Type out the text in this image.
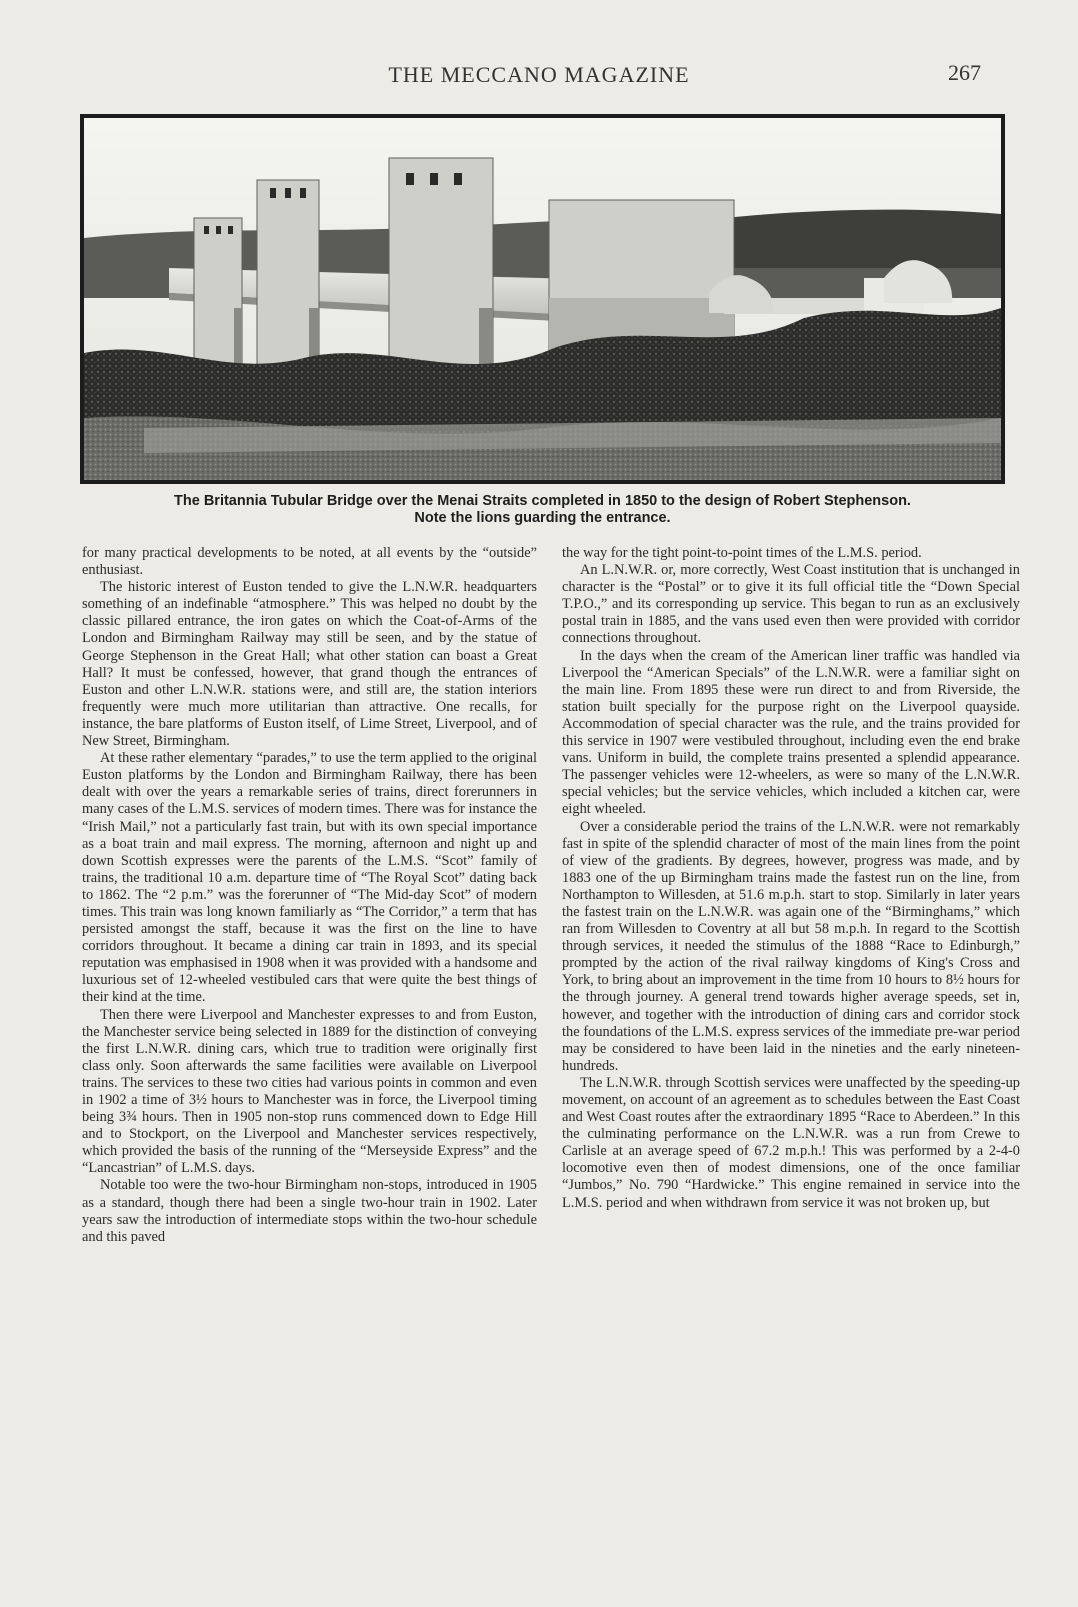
THE MECCANO MAGAZINE	267
The Britannia Tubular Bridge over the Menai Straits completed in 1850 to the design of Robert Stephenson.
Note the lions guarding the entrance.

for many practical developments to be noted, at all events by the “outside” enthusiast.

The historic interest of Euston tended to give the L.N.W.R. headquarters something of an indefinable “atmosphere.” This was helped no doubt by the classic pillared entrance, the iron gates on which the Coat-of-Arms of the London and Birmingham Railway may still be seen, and by the statue of George Stephenson in the Great Hall; what other station can boast a Great Hall? It must be confessed, however, that grand though the entrances of Euston and other L.N.W.R. stations were, and still are, the station interiors frequently were much more utilitarian than attractive. One recalls, for instance, the bare platforms of Euston itself, of Lime Street, Liverpool, and of New Street, Birmingham.

At these rather elementary “parades,” to use the term applied to the original Euston platforms by the London and Birmingham Railway, there has been dealt with over the years a remarkable series of trains, direct forerunners in many cases of the L.M.S. services of modern times. There was for instance the “Irish Mail,” not a particularly fast train, but with its own special importance as a boat train and mail express. The morning, afternoon and night up and down Scottish expresses were the parents of the L.M.S. “Scot” family of trains, the traditional 10 a.m. departure time of “The Royal Scot” dating back to 1862. The “2 p.m.” was the forerunner of “The Mid-day Scot” of modern times. This train was long known familiarly as “The Corridor,” a term that has persisted amongst the staff, because it was the first on the line to have corridors throughout. It became a dining car train in 1893, and its special reputation was emphasised in 1908 when it was provided with a handsome and luxurious set of 12-wheeled vestibuled cars that were quite the best things of their kind at the time.

Then there were Liverpool and Manchester expresses to and from Euston, the Manchester service being selected in 1889 for the distinction of conveying the first L.N.W.R. dining cars, which true to tradition were originally first class only. Soon afterwards the same facilities were available on Liverpool trains. The services to these two cities had various points in common and even in 1902 a time of 3½ hours to Manchester was in force, the Liverpool timing being 3¾ hours. Then in 1905 non-stop runs commenced down to Edge Hill and to Stockport, on the Liverpool and Manchester services respectively, which provided the basis of the running of the “Merseyside Express” and the “Lancastrian” of L.M.S. days.

Notable too were the two-hour Birmingham non-stops, introduced in 1905 as a standard, though there had been a single two-hour train in 1902. Later years saw the introduction of intermediate stops within the two-hour schedule and this paved

the way for the tight point-to-point times of the L.M.S. period.

An L.N.W.R. or, more correctly, West Coast institution that is unchanged in character is the “Postal” or to give it its full official title the “Down Special T.P.O.,” and its corresponding up service. This began to run as an exclusively postal train in 1885, and the vans used even then were provided with corridor connections throughout.

In the days when the cream of the American liner traffic was handled via Liverpool the “American Specials” of the L.N.W.R. were a familiar sight on the main line. From 1895 these were run direct to and from Riverside, the station built specially for the purpose right on the Liverpool quayside. Accommodation of special character was the rule, and the trains provided for this service in 1907 were vestibuled throughout, including even the end brake vans. Uniform in build, the complete trains presented a splendid appearance. The passenger vehicles were 12-wheelers, as were so many of the L.N.W.R. special vehicles; but the service vehicles, which included a kitchen car, were eight wheeled.

Over a considerable period the trains of the L.N.W.R. were not remarkably fast in spite of the splendid character of most of the main lines from the point of view of the gradients. By degrees, however, progress was made, and by 1883 one of the up Birmingham trains made the fastest run on the line, from Northampton to Willesden, at 51.6 m.p.h. start to stop. Similarly in later years the fastest train on the L.N.W.R. was again one of the “Birminghams,” which ran from Willesden to Coventry at all but 58 m.p.h. In regard to the Scottish through services, it needed the stimulus of the 1888 “Race to Edinburgh,” prompted by the action of the rival railway kingdoms of King's Cross and York, to bring about an improvement in the time from 10 hours to 8½ hours for the through journey. A general trend towards higher average speeds, set in, however, and together with the introduction of dining cars and corridor stock the foundations of the L.M.S. express services of the immediate pre-war period may be considered to have been laid in the nineties and the early nineteen-hundreds.

The L.N.W.R. through Scottish services were unaffected by the speeding-up movement, on account of an agreement as to schedules between the East Coast and West Coast routes after the extraordinary 1895 “Race to Aberdeen.” In this the culminating performance on the L.N.W.R. was a run from Crewe to Carlisle at an average speed of 67.2 m.p.h.! This was performed by a 2-4-0 locomotive even then of modest dimensions, one of the once familiar “Jumbos,” No. 790 “Hardwicke.” This engine remained in service into the L.M.S. period and when withdrawn from service it was not broken up, but
